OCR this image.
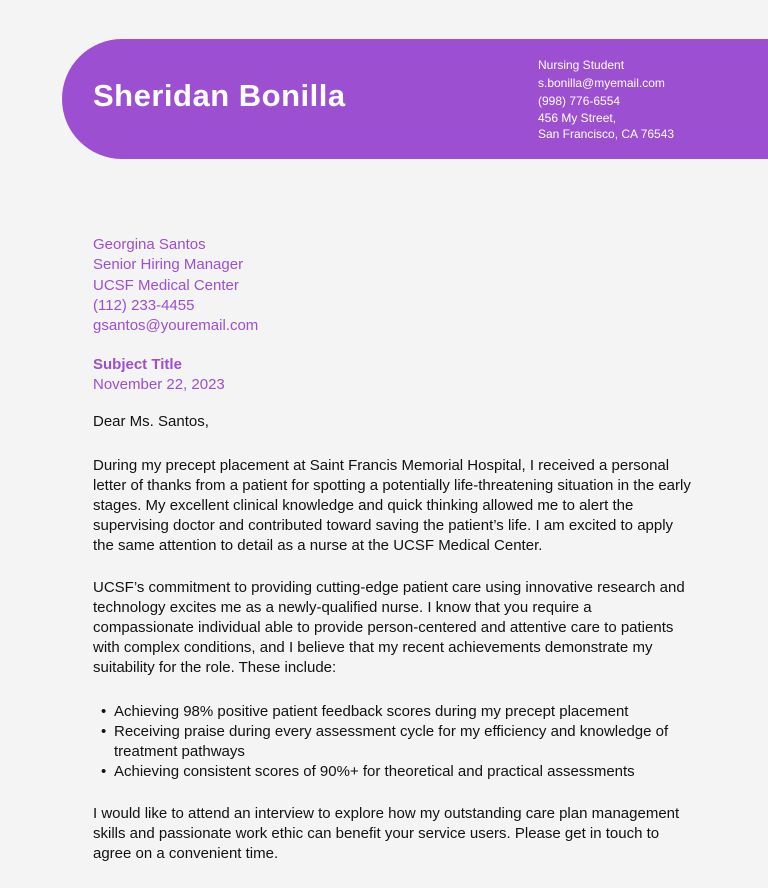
Sheridan Bonilla
Nursing Student
s.bonilla@myemail.com
(998) 776-6554
456 My Street,
San Francisco, CA 76543
Georgina Santos
Senior Hiring Manager
UCSF Medical Center
(112) 233-4455
gsantos@youremail.com
Subject Title
November 22, 2023

Dear Ms. Santos,

During my precept placement at Saint Francis Memorial Hospital, I received a personal letter of thanks from a patient for spotting a potentially life-threatening situation in the early stages. My excellent clinical knowledge and quick thinking allowed me to alert the supervising doctor and contributed toward saving the patient’s life. I am excited to apply the same attention to detail as a nurse at the UCSF Medical Center.

UCSF’s commitment to providing cutting-edge patient care using innovative research and technology excites me as a newly-qualified nurse. I know that you require a compassionate individual able to provide person-centered and attentive care to patients with complex conditions, and I believe that my recent achievements demonstrate my suitability for the role. These include:

• Achieving 98% positive patient feedback scores during my precept placement
• Receiving praise during every assessment cycle for my efficiency and knowledge of treatment pathways
• Achieving consistent scores of 90%+ for theoretical and practical assessments

I would like to attend an interview to explore how my outstanding care plan management skills and passionate work ethic can benefit your service users. Please get in touch to agree on a convenient time.
